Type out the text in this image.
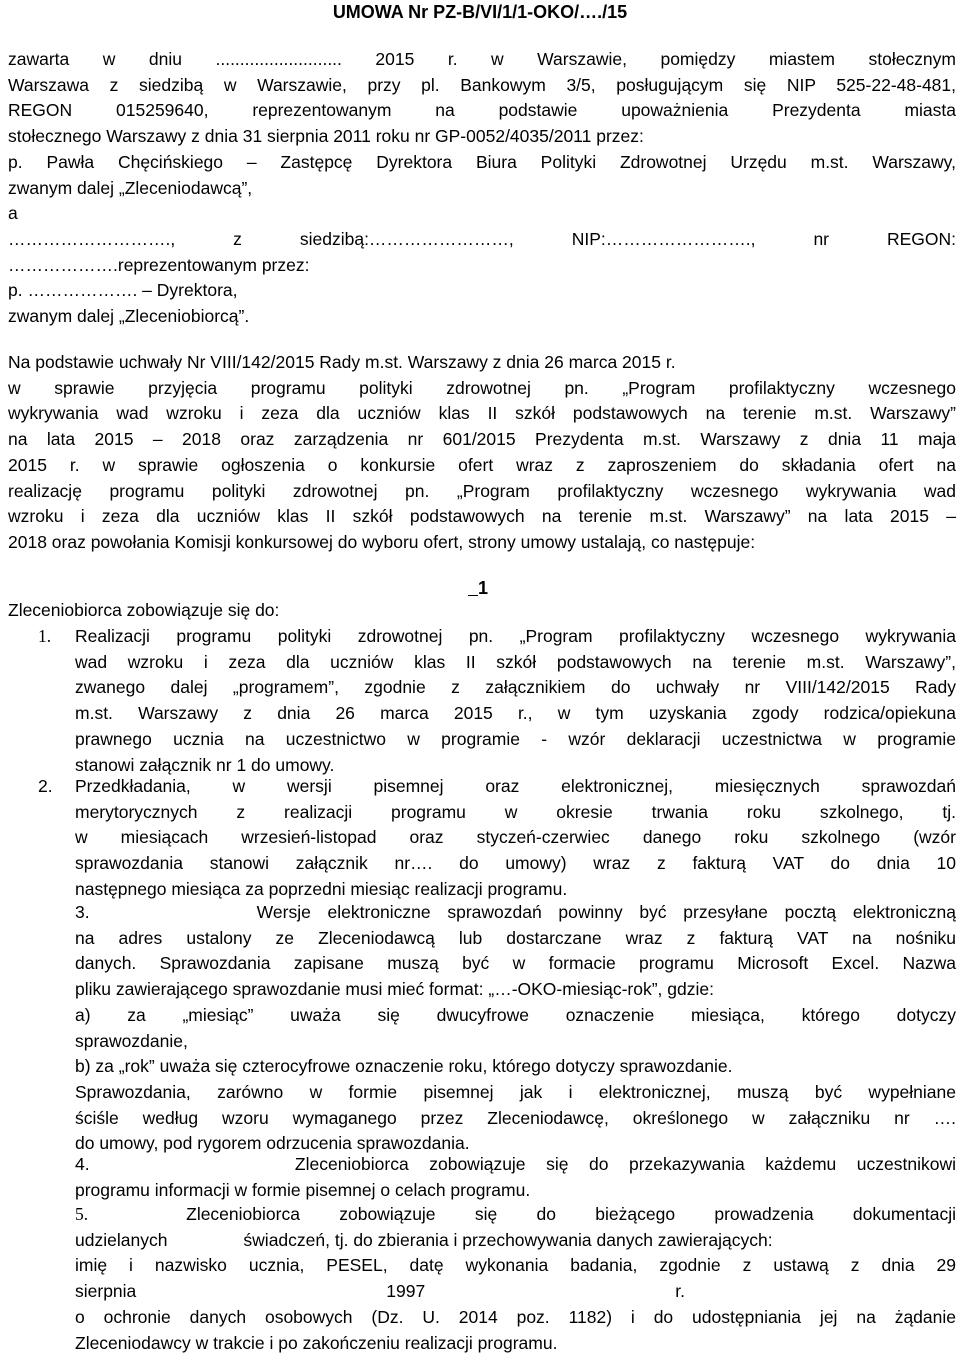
UMOWA Nr PZ-B/VI/1/1-OKO/…./15
zawarta w dniu .......................... 2015 r. w Warszawie, pomiędzy miastem stołecznym
Warszawa z siedzibą w Warszawie, przy pl. Bankowym 3/5, posługującym się NIP 525-22-48-481,
REGON 015259640, reprezentowanym na podstawie upoważnienia Prezydenta miasta
stołecznego Warszawy z dnia 31 sierpnia 2011 roku nr GP-0052/4035/2011 przez:
p. Pawła Chęcińskiego – Zastępcę Dyrektora Biura Polityki Zdrowotnej Urzędu m.st. Warszawy,
zwanym dalej „Zleceniodawcą”,
a
………………………., z siedzibą:……………………, NIP:……………………., nr REGON:
……………….reprezentowanym przez:
p. ………………. – Dyrektora,
zwanym dalej „Zleceniobiorcą”.
Na podstawie uchwały Nr VIII/142/2015 Rady m.st. Warszawy z dnia 26 marca 2015 r.
w sprawie przyjęcia programu polityki zdrowotnej pn. „Program profilaktyczny wczesnego
wykrywania wad wzroku i zeza dla uczniów klas II szkół podstawowych na terenie m.st. Warszawy”
na lata 2015 – 2018 oraz zarządzenia nr 601/2015 Prezydenta m.st. Warszawy z dnia 11 maja
2015 r. w sprawie ogłoszenia o konkursie ofert wraz z zaproszeniem do składania ofert na
realizację programu polityki zdrowotnej pn. „Program profilaktyczny wczesnego wykrywania wad
wzroku i zeza dla uczniów klas II szkół podstawowych na terenie m.st. Warszawy” na lata 2015 –
2018 oraz powołania Komisji konkursowej do wyboru ofert, strony umowy ustalają, co następuje:
1
Zleceniobiorca zobowiązuje się do:
1.	Realizacji programu polityki zdrowotnej pn. „Program profilaktyczny wczesnego wykrywania
wad wzroku i zeza dla uczniów klas II szkół podstawowych na terenie m.st. Warszawy”,
zwanego dalej „programem”, zgodnie z załącznikiem do uchwały nr VIII/142/2015 Rady
m.st. Warszawy z dnia 26 marca 2015 r., w tym uzyskania zgody rodzica/opiekuna
prawnego ucznia na uczestnictwo w programie - wzór deklaracji uczestnictwa w programie
stanowi załącznik nr 1 do umowy.
2.	Przedkładania, w wersji pisemnej oraz elektronicznej, miesięcznych sprawozdań
merytorycznych z realizacji programu w okresie trwania roku szkolnego, tj.
w miesiącach wrzesień-listopad oraz styczeń-czerwiec danego roku szkolnego (wzór
sprawozdania stanowi załącznik nr…. do umowy) wraz z fakturą VAT do dnia 10
następnego miesiąca za poprzedni miesiąc realizacji programu.
3.          Wersje elektroniczne sprawozdań powinny być przesyłane pocztą elektroniczną
na adres ustalony ze Zleceniodawcą lub dostarczane wraz z fakturą VAT na nośniku
danych. Sprawozdania zapisane muszą być w formacie programu Microsoft Excel. Nazwa
pliku zawierającego sprawozdanie musi mieć format: „…-OKO-miesiąc-rok”, gdzie:
a) za „miesiąc” uważa się dwucyfrowe oznaczenie miesiąca, którego dotyczy
sprawozdanie,
b) za „rok” uważa się czterocyfrowe oznaczenie roku, którego dotyczy sprawozdanie.
Sprawozdania, zarówno w formie pisemnej jak i elektronicznej, muszą być wypełniane
ściśle według wzoru wymaganego przez Zleceniodawcę, określonego w załączniku nr ….
do umowy, pod rygorem odrzucenia sprawozdania.
4.          Zleceniobiorca zobowiązuje się do przekazywania każdemu uczestnikowi
programu informacji w formie pisemnej o celach programu.
5.	Zleceniobiorca zobowiązuje się do bieżącego prowadzenia dokumentacji
udzielanych	świadczeń, tj. do zbierania i przechowywania danych zawierających:
imię i nazwisko ucznia, PESEL, datę wykonania badania, zgodnie z ustawą z dnia 29
sierpnia	1997	r.
o ochronie danych osobowych (Dz. U. 2014 poz. 1182) i do udostępniania jej na żądanie
Zleceniodawcy w trakcie i po zakończeniu realizacji programu.
